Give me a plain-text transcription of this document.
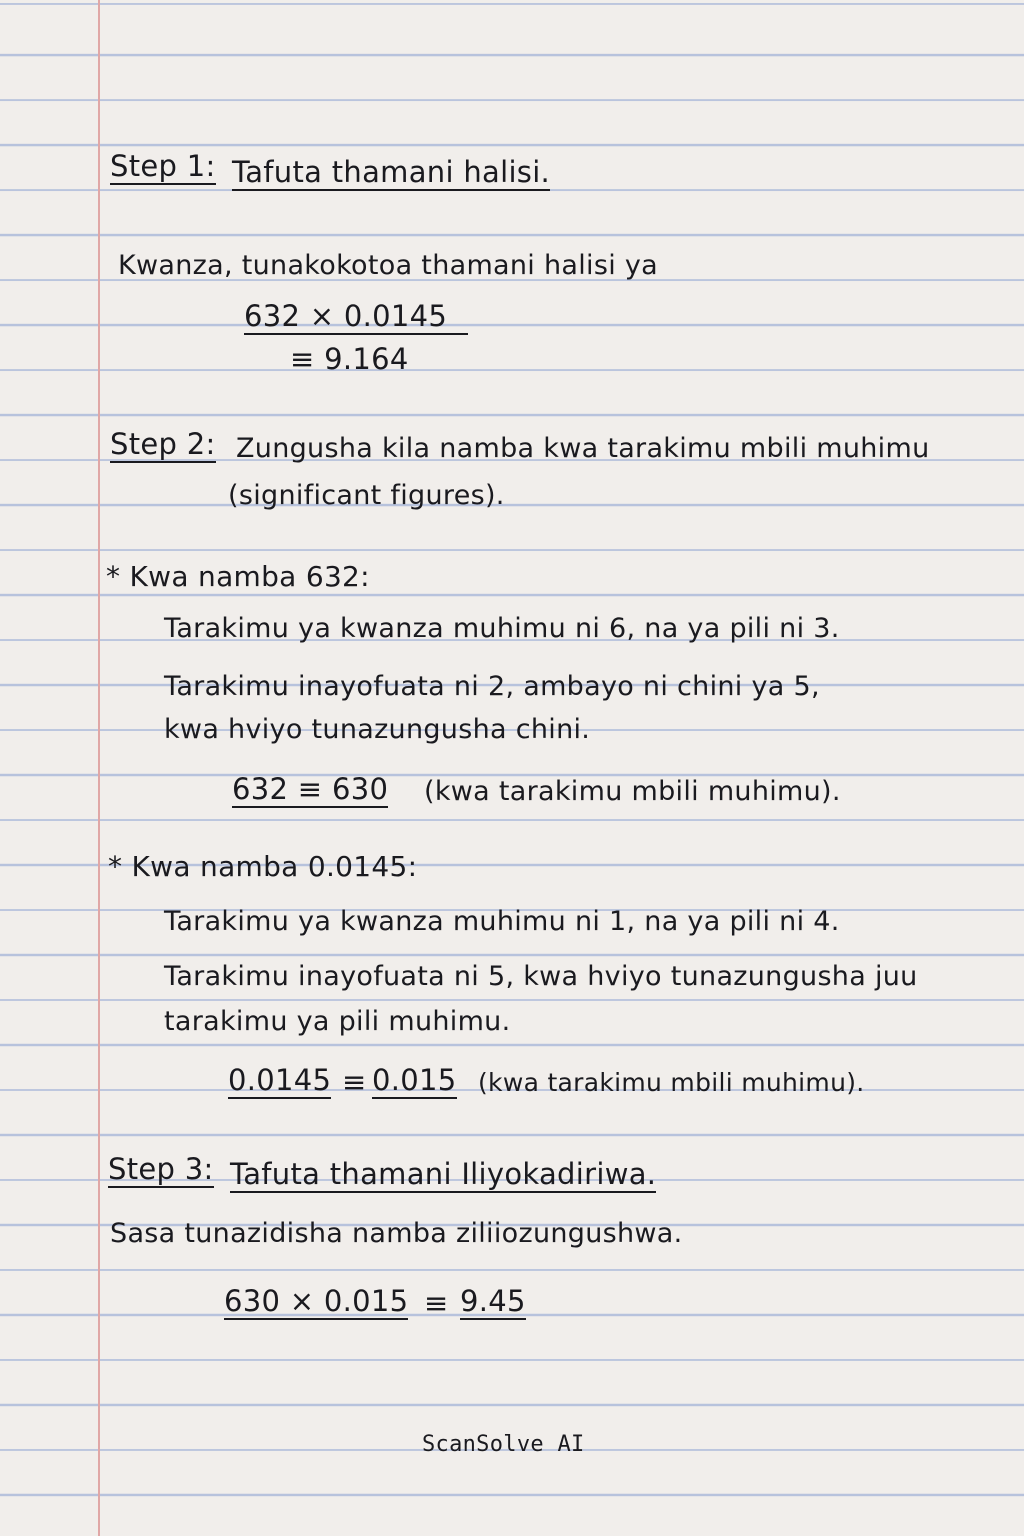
Step 1: Tafuta thamani halisi.
Kwanza, tunakokotoa thamani halisi ya
632 × 0.0145
≡ 9.164
Step 2: Zungusha kila namba kwa tarakimu mbili muhimu
(significant figures).
* Kwa namba 632:
Tarakimu ya kwanza muhimu ni 6, na ya pili ni 3.
Tarakimu inayofuata ni 2, ambayo ni chini ya 5,
kwa hviyo tunazungusha chini.
632 ≡ 630 (kwa tarakimu mbili muhimu).
* Kwa namba 0.0145:
Tarakimu ya kwanza muhimu ni 1, na ya pili ni 4.
Tarakimu inayofuata ni 5, kwa hviyo tunazungusha juu
tarakimu ya pili muhimu.
0.0145 ≡ 0.015 (kwa tarakimu mbili muhimu).
Step 3: Tafuta thamani Iliyokadiriwa.
Sasa tunazidisha namba ziliiozungushwa.
630 × 0.015 ≡ 9.45
ScanSolve AI
